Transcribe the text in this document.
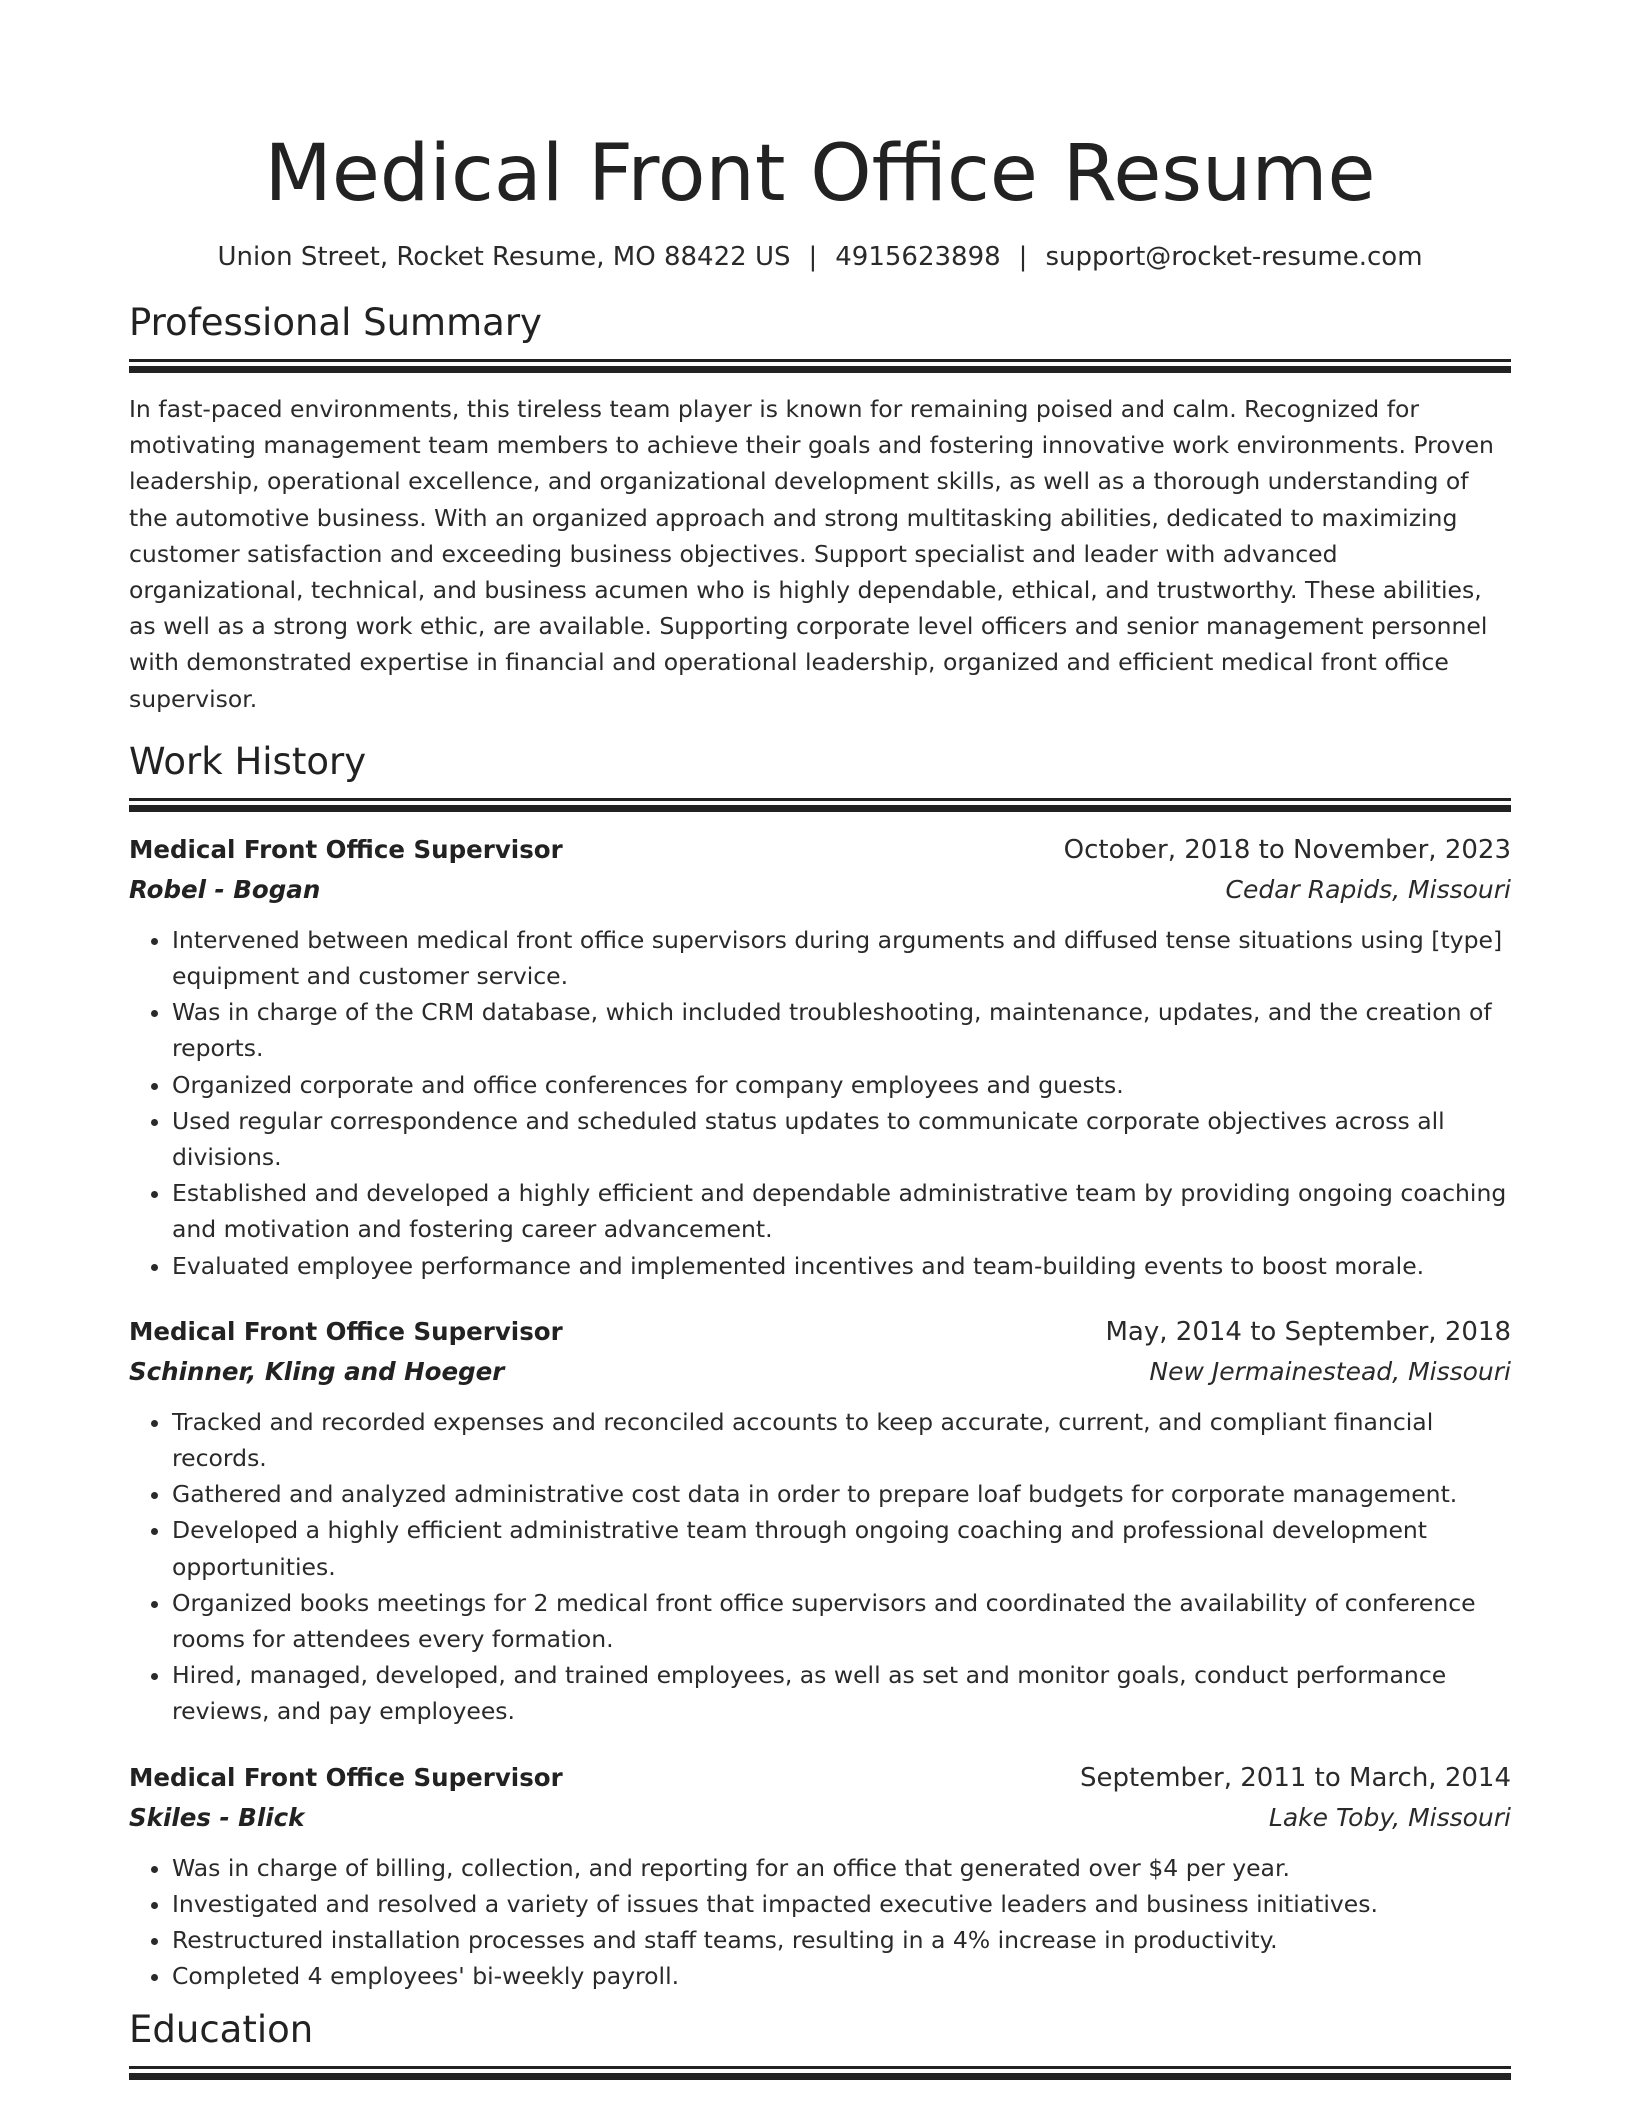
Medical Front Office Resume
Union Street, Rocket Resume, MO 88422 US | 4915623898 | support@rocket-resume.com
Professional Summary

In fast-paced environments, this tireless team player is known for remaining poised and calm. Recognized for motivating management team members to achieve their goals and fostering innovative work environments. Proven leadership, operational excellence, and organizational development skills, as well as a thorough understanding of the automotive business. With an organized approach and strong multitasking abilities, dedicated to maximizing customer satisfaction and exceeding business objectives. Support specialist and leader with advanced organizational, technical, and business acumen who is highly dependable, ethical, and trustworthy. These abilities, as well as a strong work ethic, are available. Supporting corporate level officers and senior management personnel with demonstrated expertise in financial and operational leadership, organized and efficient medical front office supervisor.

Work History
Medical Front Office Supervisor	October, 2018 to November, 2023
Robel - Bogan	Cedar Rapids, Missouri
• Intervened between medical front office supervisors during arguments and diffused tense situations using [type] equipment and customer service.
• Was in charge of the CRM database, which included troubleshooting, maintenance, updates, and the creation of reports.
• Organized corporate and office conferences for company employees and guests.
• Used regular correspondence and scheduled status updates to communicate corporate objectives across all divisions.
• Established and developed a highly efficient and dependable administrative team by providing ongoing coaching and motivation and fostering career advancement.
• Evaluated employee performance and implemented incentives and team-building events to boost morale.
Medical Front Office Supervisor	May, 2014 to September, 2018
Schinner, Kling and Hoeger	New Jermainestead, Missouri
• Tracked and recorded expenses and reconciled accounts to keep accurate, current, and compliant financial records.
• Gathered and analyzed administrative cost data in order to prepare loaf budgets for corporate management.
• Developed a highly efficient administrative team through ongoing coaching and professional development opportunities.
• Organized books meetings for 2 medical front office supervisors and coordinated the availability of conference rooms for attendees every formation.
• Hired, managed, developed, and trained employees, as well as set and monitor goals, conduct performance reviews, and pay employees.
Medical Front Office Supervisor	September, 2011 to March, 2014
Skiles - Blick	Lake Toby, Missouri
• Was in charge of billing, collection, and reporting for an office that generated over $4 per year.
• Investigated and resolved a variety of issues that impacted executive leaders and business initiatives.
• Restructured installation processes and staff teams, resulting in a 4% increase in productivity.
• Completed 4 employees' bi-weekly payroll.
Education
